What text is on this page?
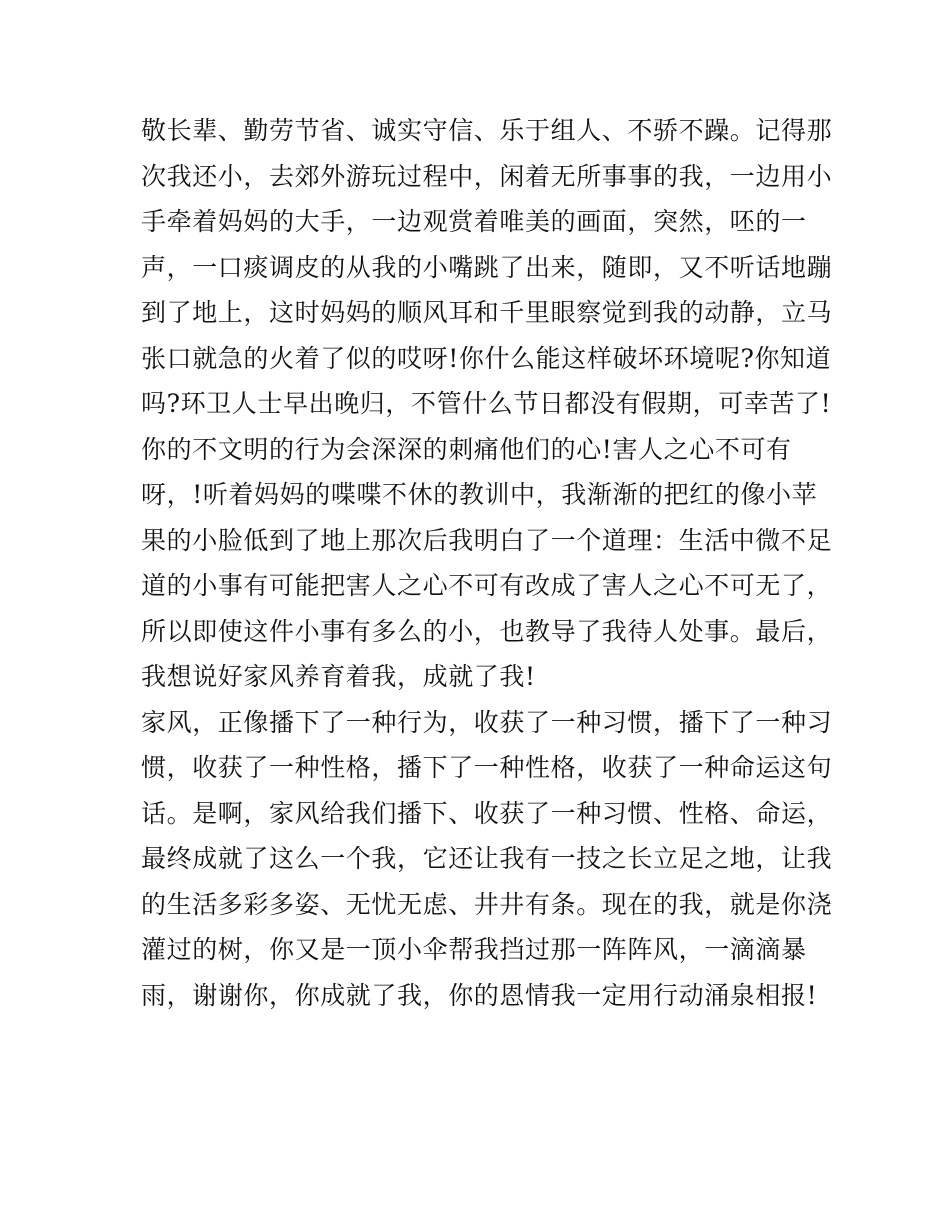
敬长辈、勤劳节省、诚实守信、乐于组人、不骄不躁。记得那
次我还小，去郊外游玩过程中，闲着无所事事的我，一边用小
手牵着妈妈的大手，一边观赏着唯美的画面，突然，呸的一
声，一口痰调皮的从我的小嘴跳了出来，随即，又不听话地蹦
到了地上，这时妈妈的顺风耳和千里眼察觉到我的动静，立马
张口就急的火着了似的哎呀!你什么能这样破坏环境呢?你知道
吗?环卫人士早出晚归，不管什么节日都没有假期，可幸苦了!
你的不文明的行为会深深的刺痛他们的心!害人之心不可有
呀，!听着妈妈的喋喋不休的教训中，我渐渐的把红的像小苹
果的小脸低到了地上那次后我明白了一个道理：生活中微不足
道的小事有可能把害人之心不可有改成了害人之心不可无了，
所以即使这件小事有多么的小，也教导了我待人处事。最后，
我想说好家风养育着我，成就了我!
家风，正像播下了一种行为，收获了一种习惯，播下了一种习
惯，收获了一种性格，播下了一种性格，收获了一种命运这句
话。是啊，家风给我们播下、收获了一种习惯、性格、命运，
最终成就了这么一个我，它还让我有一技之长立足之地，让我
的生活多彩多姿、无忧无虑、井井有条。现在的我，就是你浇
灌过的树，你又是一顶小伞帮我挡过那一阵阵风，一滴滴暴
雨，谢谢你，你成就了我，你的恩情我一定用行动涌泉相报!
